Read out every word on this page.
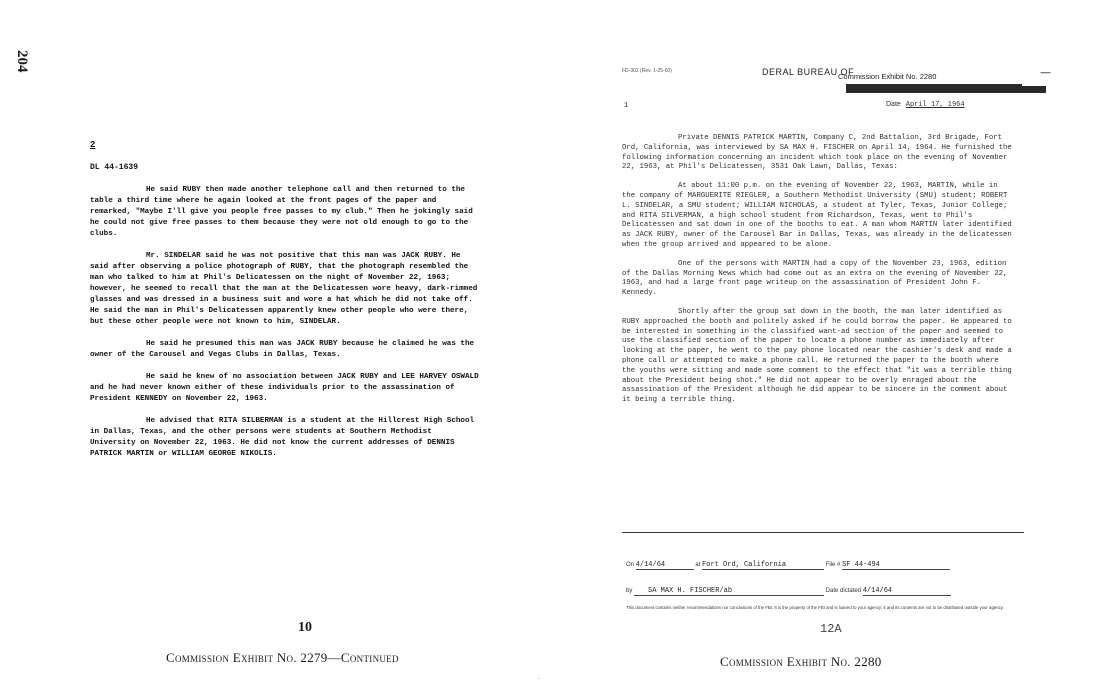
204
2
DL 44-1639

He said RUBY then made another telephone call and then returned to the table a third time where he again looked at the front pages of the paper and remarked, "Maybe I'll give you people free passes to my club." Then he jokingly said he could not give free passes to them because they were not old enough to go to the clubs.

Mr. SINDELAR said he was not positive that this man was JACK RUBY. He said after observing a police photograph of RUBY, that the photograph resembled the man who talked to him at Phil's Delicatessen on the night of November 22, 1963; however, he seemed to recall that the man at the Delicatessen wore heavy, dark-rimmed glasses and was dressed in a business suit and wore a hat which he did not take off. He said the man in Phil's Delicatessen apparently knew other people who were there, but these other people were not known to him, SINDELAR.

He said he presumed this man was JACK RUBY because he claimed he was the owner of the Carousel and Vegas Clubs in Dallas, Texas.

He said he knew of no association between JACK RUBY and LEE HARVEY OSWALD and he had never known either of these individuals prior to the assassination of President KENNEDY on November 22, 1963.

He advised that RITA SILBERMAN is a student at the Hillcrest High School in Dallas, Texas, and the other persons were students at Southern Methodist University on November 22, 1963. He did not know the current addresses of DENNIS PATRICK MARTIN or WILLIAM GEORGE NIKOLIS.

10
Commission Exhibit No. 2279—Continued
FD-302 (Rev. 1-25-60)	DERAL BUREAU OF
Commission Exhibit No. 2280	—
Date April 17, 1964
1

Private DENNIS PATRICK MARTIN, Company C, 2nd Battalion, 3rd Brigade, Fort Ord, California, was interviewed by SA MAX H. FISCHER on April 14, 1964. He furnished the following information concerning an incident which took place on the evening of November 22, 1963, at Phil's Delicatessen, 3531 Oak Lawn, Dallas, Texas:

At about 11:00 p.m. on the evening of November 22, 1963, MARTIN, while in the company of MARGUERITE RIEGLER, a Southern Methodist University (SMU) student; ROBERT L. SINDELAR, a SMU student; WILLIAM NICHOLAS, a student at Tyler, Texas, Junior College; and RITA SILVERMAN, a high school student from Richardson, Texas, went to Phil's Delicatessen and sat down in one of the booths to eat. A man whom MARTIN later identified as JACK RUBY, owner of the Carousel Bar in Dallas, Texas, was already in the delicatessen when the group arrived and appeared to be alone.

One of the persons with MARTIN had a copy of the November 23, 1963, edition of the Dallas Morning News which had come out as an extra on the evening of November 22, 1963, and had a large front page writeup on the assassination of President John F. Kennedy.

Shortly after the group sat down in the booth, the man later identified as RUBY approached the booth and politely asked if he could borrow the paper. He appeared to be interested in something in the classified want-ad section of the paper and seemed to use the classified section of the paper to locate a phone number as immediately after looking at the paper, he went to the pay phone located near the cashier's desk and made a phone call or attempted to make a phone call. He returned the paper to the booth where the youths were sitting and made some comment to the effect that "it was a terrible thing about the President being shot." He did not appear to be overly enraged about the assassination of the President although he did appear to be sincere in the comment about it being a terrible thing.

On 4/14/64	at Fort Ord, California	File # SF 44-494
by SA MAX H. FISCHER/ab	Date dictated 4/14/64
This document contains neither recommendations nor conclusions of the FBI. It is the property of the FBI and is loaned to your agency; it and its contents are not to be distributed outside your agency.
12A
Commission Exhibit No. 2280
·
